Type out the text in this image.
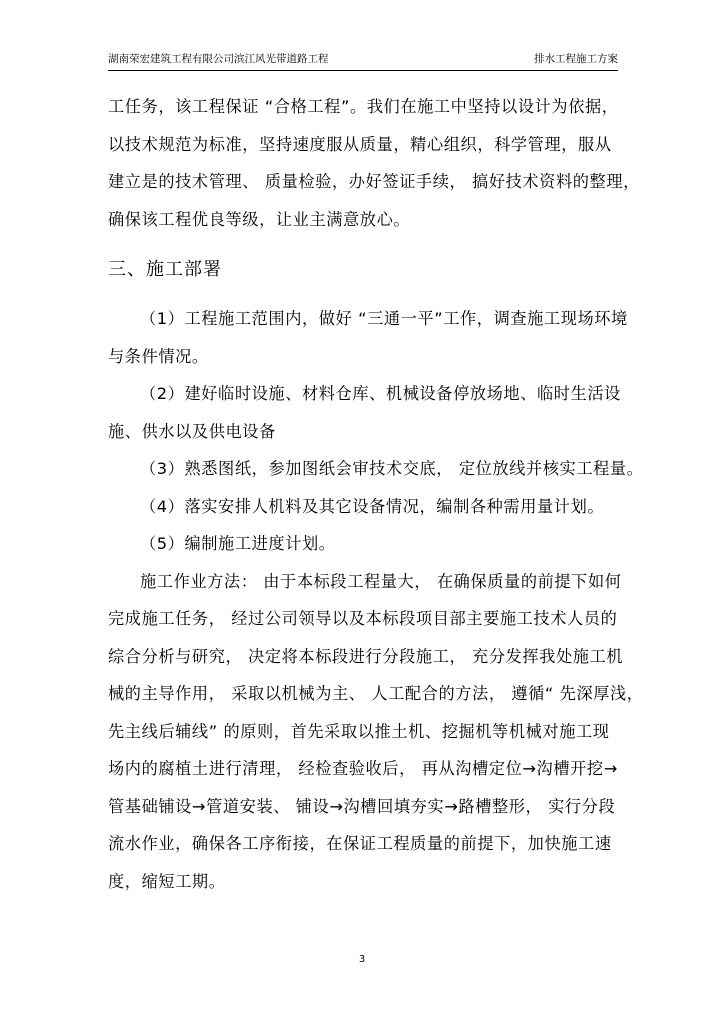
湖南荣宏建筑工程有限公司滨江风光带道路工程	排水工程施工方案
工任务，该工程保证 “合格工程”。我们在施工中坚持以设计为依据，
以技术规范为标准，坚持速度服从质量，精心组织，科学管理，服从
建立是的技术管理、 质量检验，办好签证手续， 搞好技术资料的整理，
确保该工程优良等级，让业主满意放心。
三、施工部署
（1）工程施工范围内，做好 “三通一平”工作，调查施工现场环境
与条件情况。
（2）建好临时设施、材料仓库、机械设备停放场地、临时生活设
施、供水以及供电设备
（3）熟悉图纸，参加图纸会审技术交底， 定位放线并核实工程量。
（4）落实安排人机料及其它设备情况，编制各种需用量计划。
（5）编制施工进度计划。
施工作业方法： 由于本标段工程量大， 在确保质量的前提下如何
完成施工任务， 经过公司领导以及本标段项目部主要施工技术人员的
综合分析与研究， 决定将本标段进行分段施工， 充分发挥我处施工机
械的主导作用， 采取以机械为主、 人工配合的方法， 遵循“ 先深厚浅，
先主线后辅线” 的原则，首先采取以推土机、挖掘机等机械对施工现
场内的腐植土进行清理， 经检查验收后， 再从沟槽定位→沟槽开挖→
管基础铺设→管道安装、 铺设→沟槽回填夯实→路槽整形， 实行分段
流水作业，确保各工序衔接，在保证工程质量的前提下，加快施工速
度，缩短工期。
3
